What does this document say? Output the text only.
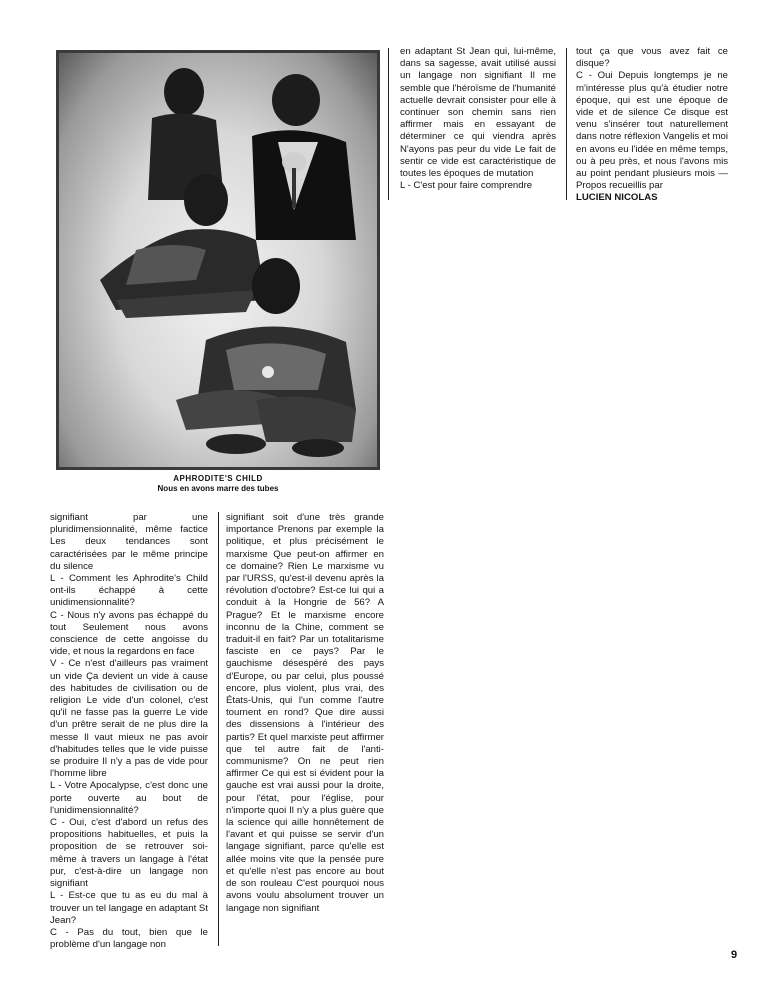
APHRODITE'S CHILD
Nous en avons marre des tubes

en adaptant St Jean qui, lui-même, dans sa sagesse, avait utilisé aussi un langage non signifiant Il me semble que l'héroïsme de l'humanité actuelle devrait consister pour elle à continuer son chemin sans rien affirmer mais en essayant de déterminer ce qui viendra après N'ayons pas peur du vide Le fait de sentir ce vide est caractéristique de toutes les époques de mutation

L - C'est pour faire comprendre

tout ça que vous avez fait ce disque?

C - Oui Depuis longtemps je ne m'intéresse plus qu'à étudier notre époque, qui est une époque de vide et de silence Ce disque est venu s'insérer tout naturellement dans notre réflexion Vangelis et moi en avons eu l'idée en même temps, ou à peu près, et nous l'avons mis au point pendant plusieurs mois — Propos recueillis par

LUCIEN NICOLAS

signifiant par une pluridimensionnalité, même factice Les deux tendances sont caractérisées par le même principe du silence

L - Comment les Aphrodite's Child ont-ils échappé à cette unidimensionnalité?

C - Nous n'y avons pas échappé du tout Seulement nous avons conscience de cette angoisse du vide, et nous la regardons en face

V - Ce n'est d'ailleurs pas vraiment un vide Ça devient un vide à cause des habitudes de civilisation ou de religion Le vide d'un colonel, c'est qu'il ne fasse pas la guerre Le vide d'un prêtre serait de ne plus dire la messe Il vaut mieux ne pas avoir d'habitudes telles que le vide puisse se produire Il n'y a pas de vide pour l'homme libre

L - Votre Apocalypse, c'est donc une porte ouverte au bout de l'unidimensionnalité?

C - Oui, c'est d'abord un refus des propositions habituelles, et puis la proposition de se retrouver soi-même à travers un langage à l'état pur, c'est-à-dire un langage non signifiant

L - Est-ce que tu as eu du mal à trouver un tel langage en adaptant St Jean?

C - Pas du tout, bien que le problème d'un langage non

signifiant soit d'une très grande importance Prenons par exemple la politique, et plus précisément le marxisme Que peut-on affirmer en ce domaine? Rien Le marxisme vu par l'URSS, qu'est-il devenu après la révolution d'octobre? Est-ce lui qui a conduit à la Hongrie de 56? A Prague? Et le marxisme encore inconnu de la Chine, comment se traduit-il en fait? Par un totalitarisme fasciste en ce pays? Par le gauchisme désespéré des pays d'Europe, ou par celui, plus poussé encore, plus violent, plus vrai, des États-Unis, qui l'un comme l'autre tournent en rond? Que dire aussi des dissensions à l'intérieur des partis? Et quel marxiste peut affirmer que tel autre fait de l'anti-communisme? On ne peut rien affirmer Ce qui est si évident pour la gauche est vrai aussi pour la droite, pour l'état, pour l'église, pour n'importe quoi Il n'y a plus guère que la science qui aille honnêtement de l'avant et qui puisse se servir d'un langage signifiant, parce qu'elle est allée moins vite que la pensée pure et qu'elle n'est pas encore au bout de son rouleau C'est pourquoi nous avons voulu absolument trouver un langage non signifiant

9
